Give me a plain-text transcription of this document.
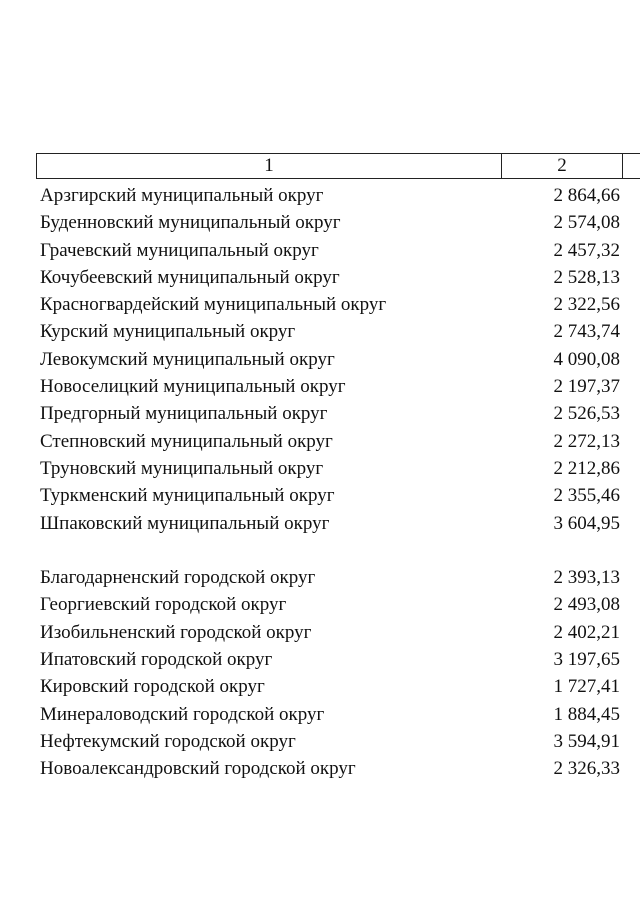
1	2
Арзгирский муниципальный округ	2 864,66
Буденновский муниципальный округ	2 574,08
Грачевский муниципальный округ	2 457,32
Кочубеевский муниципальный округ	2 528,13
Красногвардейский муниципальный округ	2 322,56
Курский муниципальный округ	2 743,74
Левокумский муниципальный округ	4 090,08
Новоселицкий муниципальный округ	2 197,37
Предгорный муниципальный округ	2 526,53
Степновский муниципальный округ	2 272,13
Труновский муниципальный округ	2 212,86
Туркменский муниципальный округ	2 355,46
Шпаковский муниципальный округ	3 604,95
Благодарненский городской округ	2 393,13
Георгиевский городской округ	2 493,08
Изобильненский городской округ	2 402,21
Ипатовский городской округ	3 197,65
Кировский городской округ	1 727,41
Минераловодский городской округ	1 884,45
Нефтекумский городской округ	3 594,91
Новоалександровский городской округ	2 326,33
